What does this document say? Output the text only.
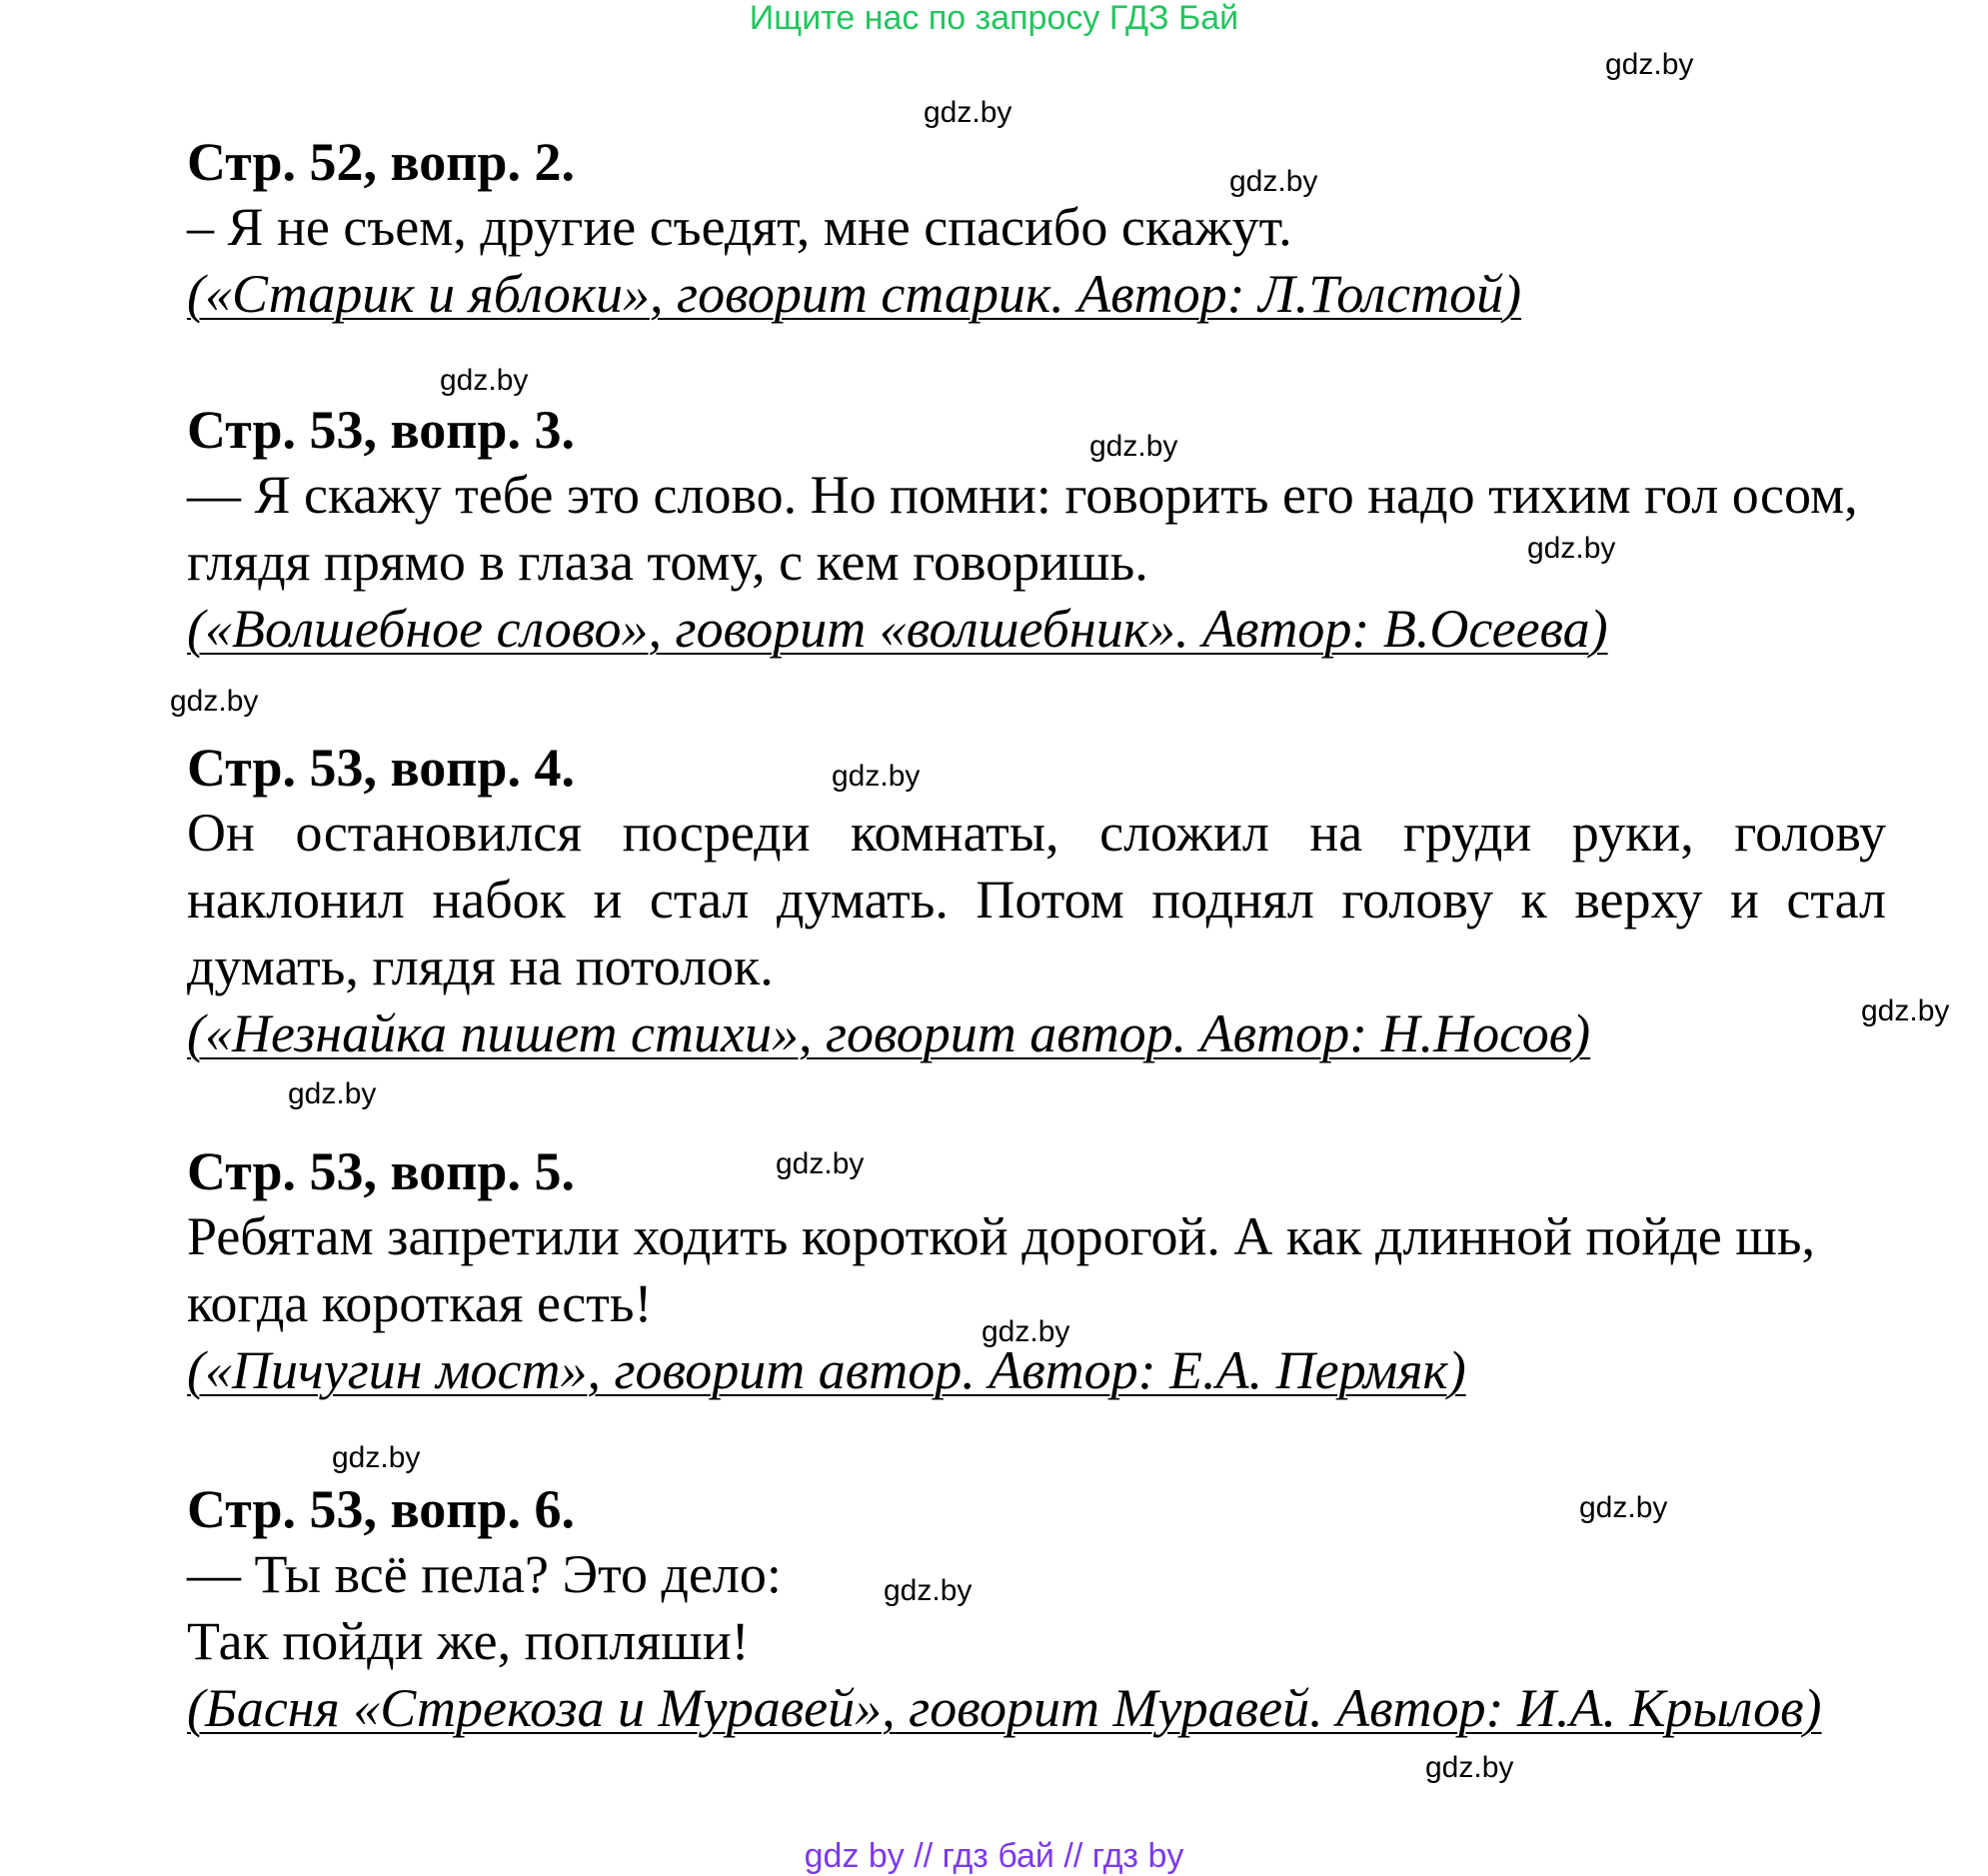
Ищите нас по запросу ГДЗ Бай
gdz.by
gdz.by
gdz.by
gdz.by
gdz.by
gdz.by
gdz.by
gdz.by
gdz.by
gdz.by
gdz.by
gdz.by
gdz.by
gdz.by
gdz.by
gdz.by

Стр. 52, вопр. 2.

– Я не съем, другие съедят, мне спасибо скажут.

(«Старик и яблоки», говорит старик. Автор: Л.Толстой)

Стр. 53, вопр. 3.

— Я скажу тебе это слово. Но помни: говорить его надо тихим гол осом, глядя прямо в глаза тому, с кем говоришь.

(«Волшебное слово», говорит «волшебник». Автор: В.Осеева)

Стр. 53, вопр. 4.

Он остановился посреди комнаты, сложил на груди руки, голову наклонил набок и стал думать. Потом поднял голову к верху и стал думать, глядя на потолок.

(«Незнайка пишет стихи», говорит автор. Автор: Н.Носов)

Стр. 53, вопр. 5.

Ребятам запретили ходить короткой дорогой. А как длинной пойде шь, когда короткая есть!

(«Пичугин мост», говорит автор. Автор: Е.А. Пермяк)

Стр. 53, вопр. 6.

— Ты всё пела? Это дело:

Так пойди же, попляши!

(Басня «Стрекоза и Муравей», говорит Муравей. Автор: И.А. Крылов)

gdz by // гдз бай // гдз by
